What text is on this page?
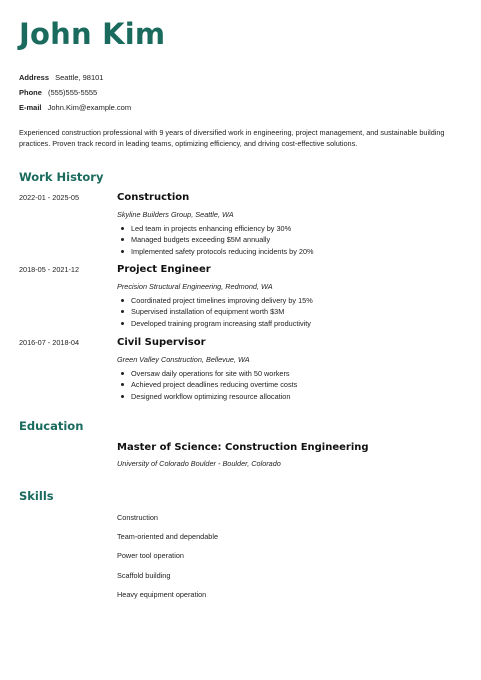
John Kim
Address Seattle, 98101
Phone (555)555-5555
E-mail John.Kim@example.com
Experienced construction professional with 9 years of diversified work in engineering, project management, and sustainable building practices. Proven track record in leading teams, optimizing efficiency, and driving cost-effective solutions.
Work History
2022-01 - 2025-05	Construction
Skyline Builders Group, Seattle, WA
Led team in projects enhancing efficiency by 30%
Managed budgets exceeding $5M annually
Implemented safety protocols reducing incidents by 20%
2018-05 - 2021-12	Project Engineer
Precision Structural Engineering, Redmond, WA
Coordinated project timelines improving delivery by 15%
Supervised installation of equipment worth $3M
Developed training program increasing staff productivity
2016-07 - 2018-04	Civil Supervisor
Green Valley Construction, Bellevue, WA
Oversaw daily operations for site with 50 workers
Achieved project deadlines reducing overtime costs
Designed workflow optimizing resource allocation
Education
Master of Science: Construction Engineering
University of Colorado Boulder - Boulder, Colorado
Skills
Construction
Team-oriented and dependable
Power tool operation
Scaffold building
Heavy equipment operation
